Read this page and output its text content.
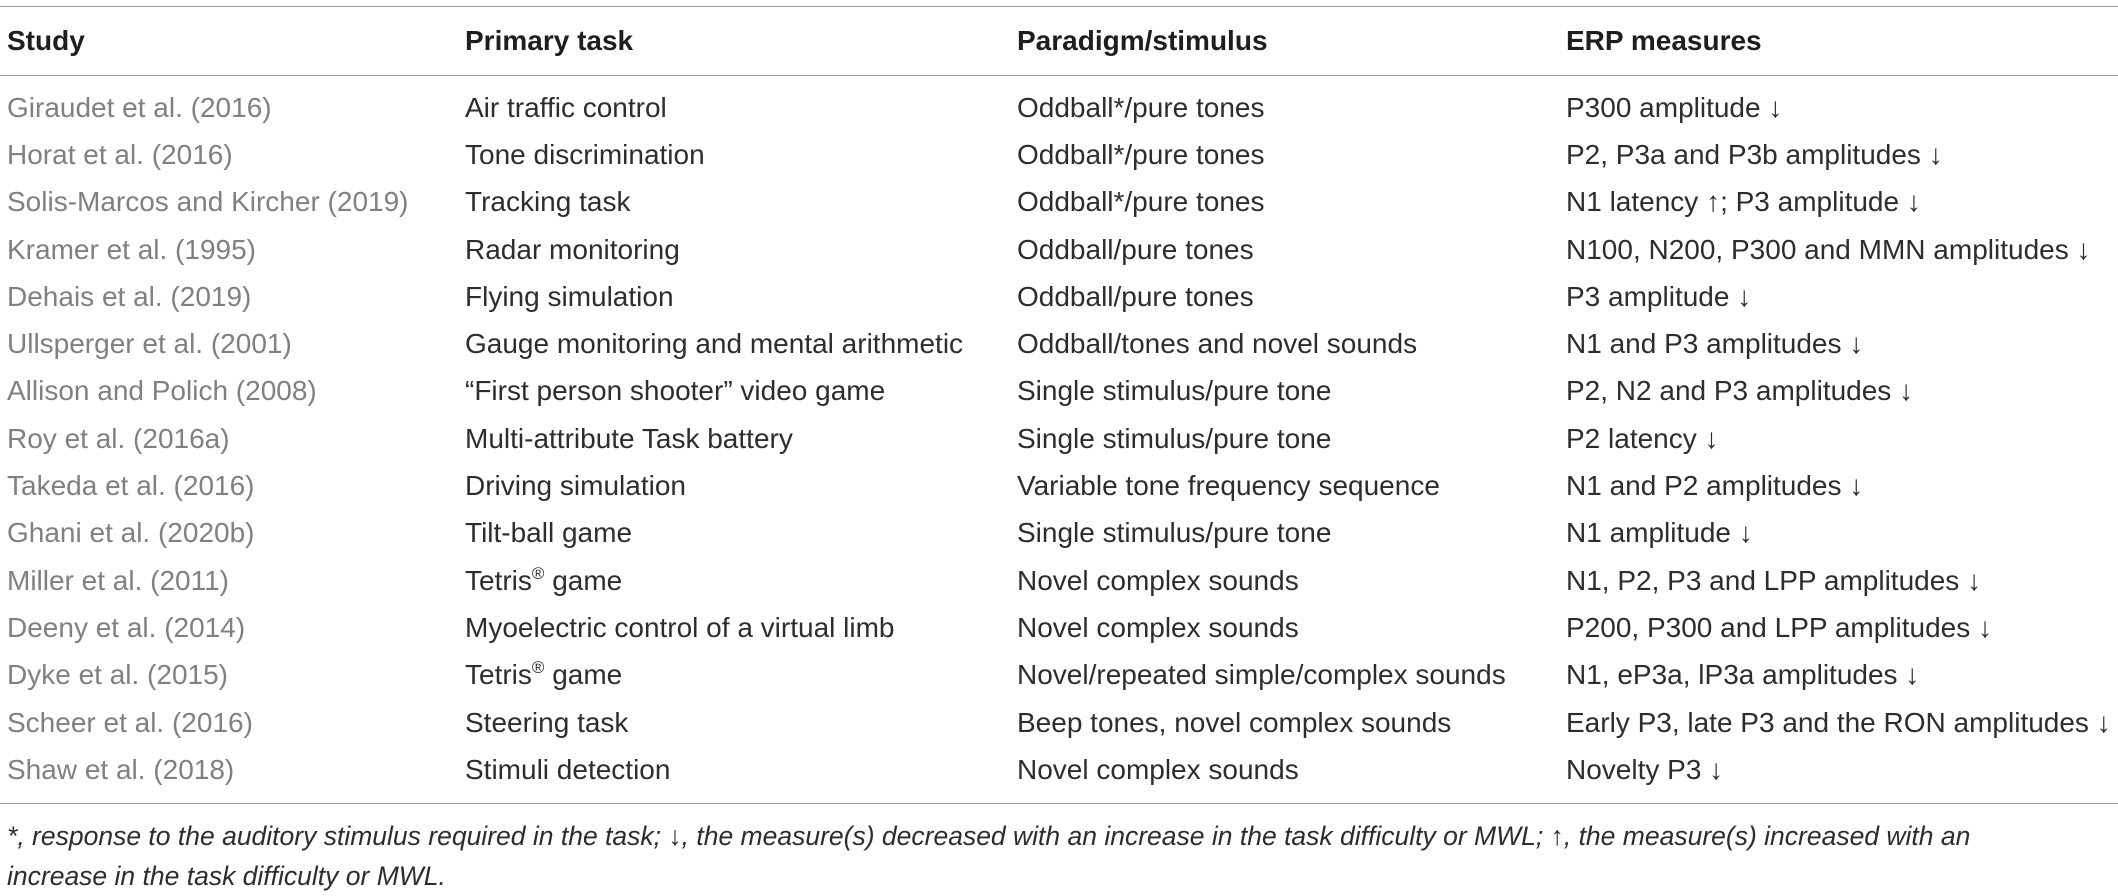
Study	Primary task	Paradigm/stimulus	ERP measures
Giraudet et al. (2016)	Air traffic control	Oddball*/pure tones	P300 amplitude ↓
Horat et al. (2016)	Tone discrimination	Oddball*/pure tones	P2, P3a and P3b amplitudes ↓
Solis-Marcos and Kircher (2019)	Tracking task	Oddball*/pure tones	N1 latency ↑; P3 amplitude ↓
Kramer et al. (1995)	Radar monitoring	Oddball/pure tones	N100, N200, P300 and MMN amplitudes ↓
Dehais et al. (2019)	Flying simulation	Oddball/pure tones	P3 amplitude ↓
Ullsperger et al. (2001)	Gauge monitoring and mental arithmetic	Oddball/tones and novel sounds	N1 and P3 amplitudes ↓
Allison and Polich (2008)	“First person shooter” video game	Single stimulus/pure tone	P2, N2 and P3 amplitudes ↓
Roy et al. (2016a)	Multi-attribute Task battery	Single stimulus/pure tone	P2 latency ↓
Takeda et al. (2016)	Driving simulation	Variable tone frequency sequence	N1 and P2 amplitudes ↓
Ghani et al. (2020b)	Tilt-ball game	Single stimulus/pure tone	N1 amplitude ↓
Miller et al. (2011)	Tetris® game	Novel complex sounds	N1, P2, P3 and LPP amplitudes ↓
Deeny et al. (2014)	Myoelectric control of a virtual limb	Novel complex sounds	P200, P300 and LPP amplitudes ↓
Dyke et al. (2015)	Tetris® game	Novel/repeated simple/complex sounds	N1, eP3a, lP3a amplitudes ↓
Scheer et al. (2016)	Steering task	Beep tones, novel complex sounds	Early P3, late P3 and the RON amplitudes ↓
Shaw et al. (2018)	Stimuli detection	Novel complex sounds	Novelty P3 ↓

*, response to the auditory stimulus required in the task; ↓, the measure(s) decreased with an increase in the task difficulty or MWL; ↑, the measure(s) increased with an

increase in the task difficulty or MWL.
